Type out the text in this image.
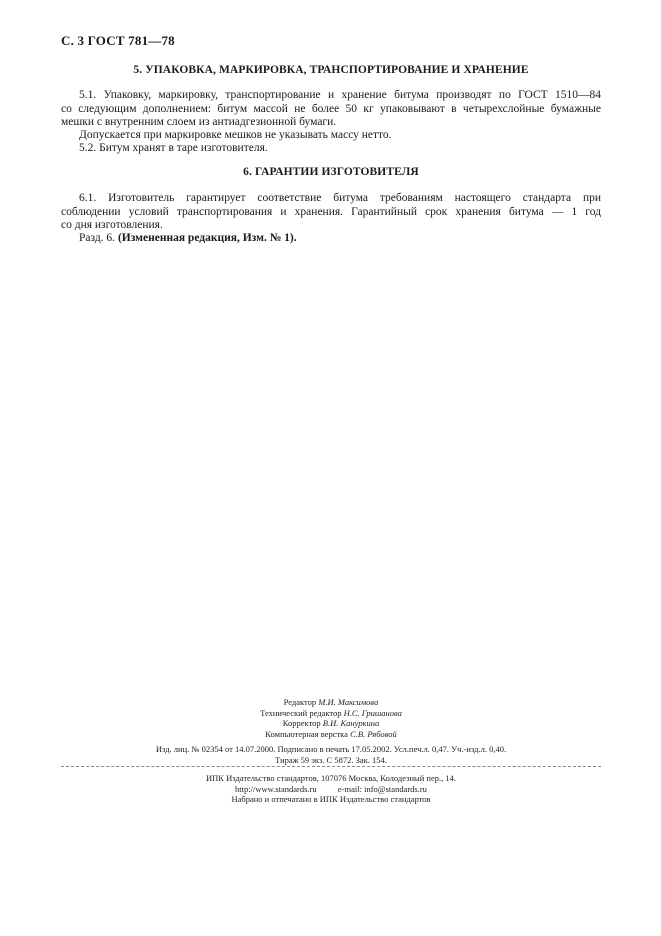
С. 3 ГОСТ 781—78
5. УПАКОВКА, МАРКИРОВКА, ТРАНСПОРТИРОВАНИЕ И ХРАНЕНИЕ
5.1. Упаковку, маркировку, транспортирование и хранение битума производят по ГОСТ 1510—84
со следующим дополнением: битум массой не более 50 кг упаковывают в четырехслойные бумажные
мешки с внутренним слоем из антиадгезионной бумаги.
Допускается при маркировке мешков не указывать массу нетто.
5.2. Битум хранят в таре изготовителя.
6. ГАРАНТИИ ИЗГОТОВИТЕЛЯ
6.1. Изготовитель гарантирует соответствие битума требованиям настоящего стандарта при
соблюдении условий транспортирования и хранения. Гарантийный срок хранения битума — 1 год
со дня изготовления.
Разд. 6. (Измененная редакция, Изм. № 1).
Редактор М.И. Максимова
Технический редактор Н.С. Гришанова
Корректор В.И. Кануркина
Компьютерная верстка С.В. Рябовой
Изд. лиц. № 02354 от 14.07.2000. Подписано в печать 17.05.2002. Усл.печ.л. 0,47. Уч.-изд.л. 0,40.
Тираж 59 экз. С 5872. Зак. 154.
ИПК Издательство стандартов, 107076 Москва, Колодезный пер., 14.
http://www.standards.ru	e-mail: info@standards.ru
Набрано и отпечатано в ИПК Издательство стандартов
